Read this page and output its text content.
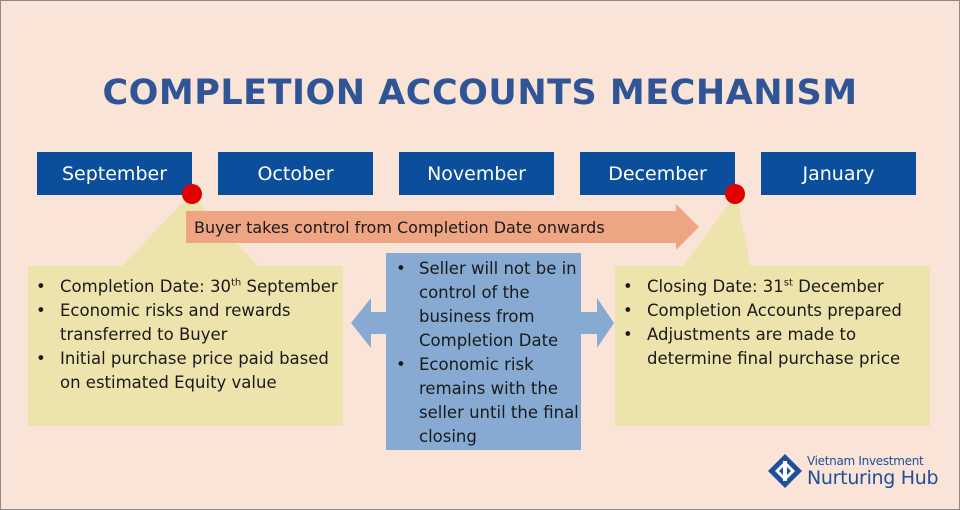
COMPLETION ACCOUNTS MECHANISM
September	October	November	December	January
Buyer takes control from Completion Date onwards
• Completion Date: 30th September
• Economic risks and rewards transferred to Buyer
• Initial purchase price paid based on estimated Equity value
• Seller will not be in control of the business from Completion Date
• Economic risk remains with the seller until the final closing
• Closing Date: 31st December
• Completion Accounts prepared
• Adjustments are made to determine final purchase price
Vietnam Investment
Nurturing Hub
